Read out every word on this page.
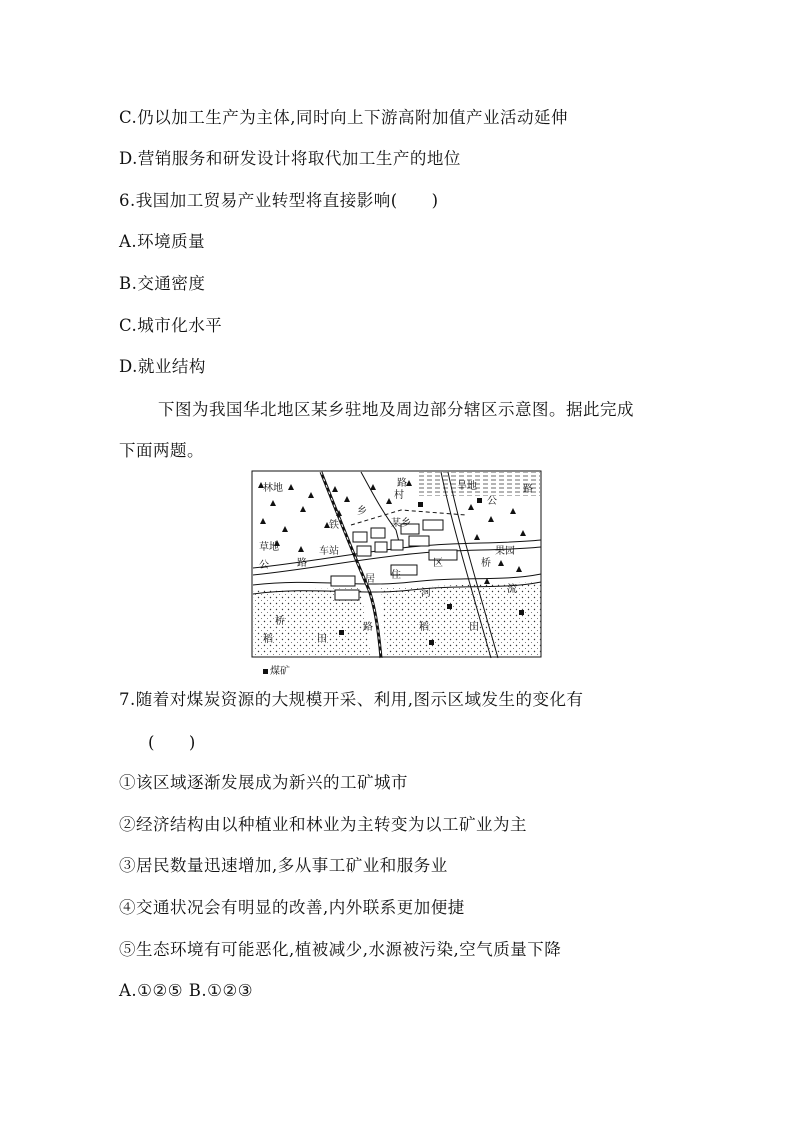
C.仍以加工生产为主体,同时向上下游高附加值产业活动延伸
D.营销服务和研发设计将取代加工生产的地位
6.我国加工贸易产业转型将直接影响(　　)
A.环境质量
B.交通密度
C.城市化水平
D.就业结构
下图为我国华北地区某乡驻地及周边部分辖区示意图。据此完成
下面两题。
林地	路
村
旱地	路
公
乡
铁	某乡
草地	车站	果园
公	路
居 住
区	桥
流
河
桥
稻	田
路	稻	田
煤矿
7.随着对煤炭资源的大规模开采、利用,图示区域发生的变化有
(　　)
①该区域逐渐发展成为新兴的工矿城市
②经济结构由以种植业和林业为主转变为以工矿业为主
③居民数量迅速增加,多从事工矿业和服务业
④交通状况会有明显的改善,内外联系更加便捷
⑤生态环境有可能恶化,植被减少,水源被污染,空气质量下降
A.①②⑤ B.①②③
